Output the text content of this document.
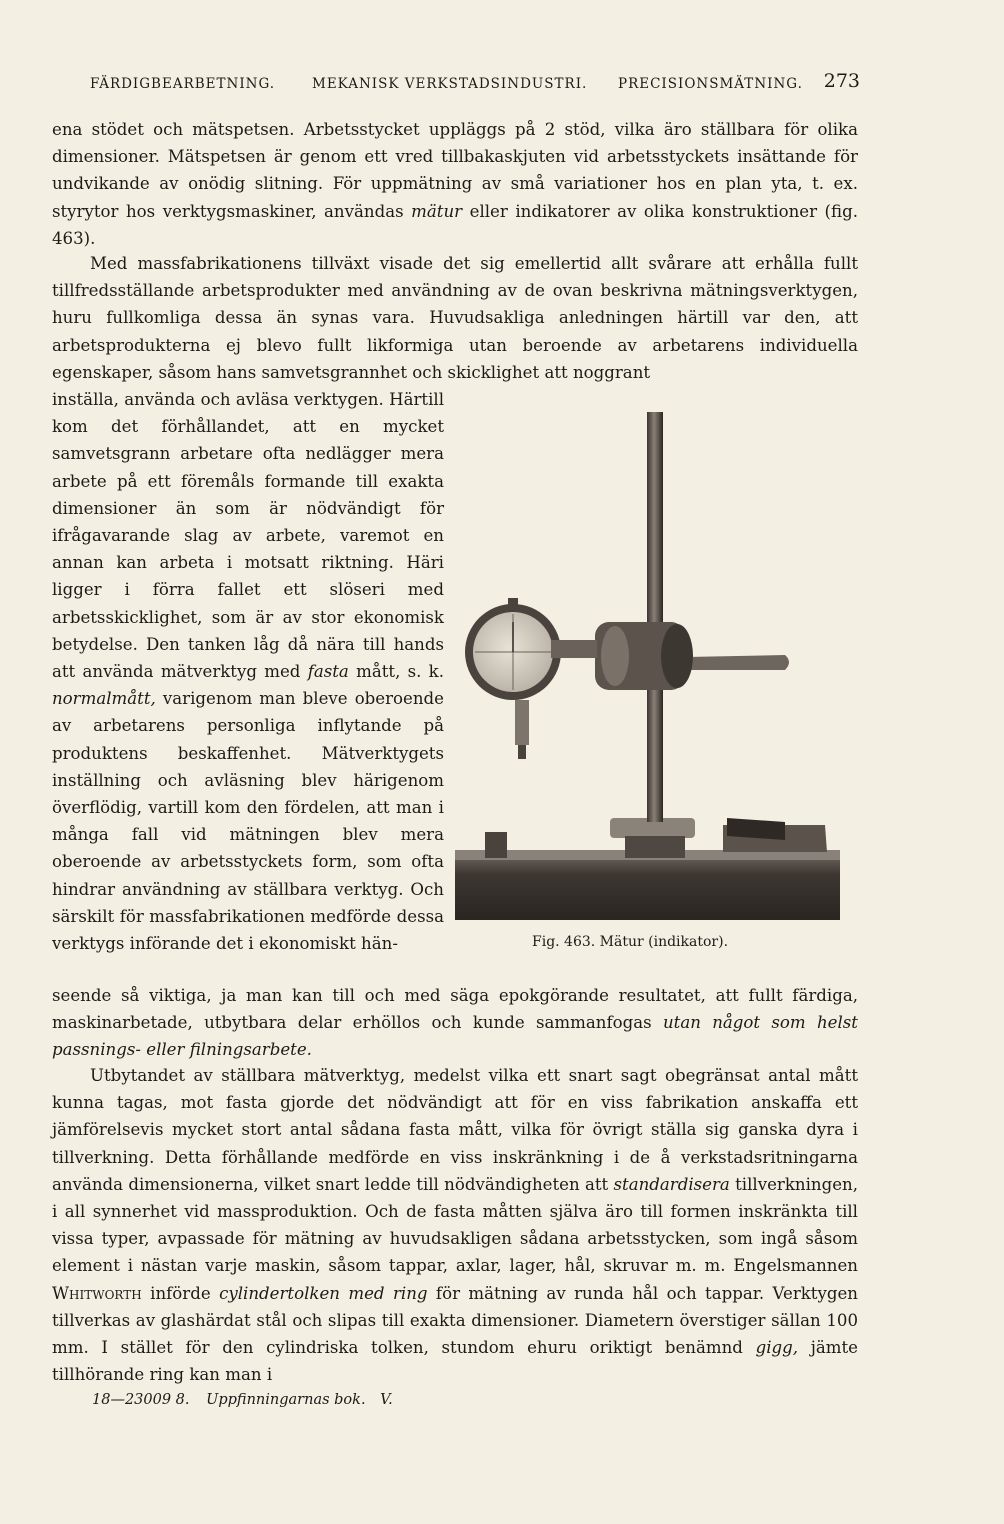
FÄRDIGBEARBETNING.	MEKANISK VERKSTADSINDUSTRI. PRECISIONSMÄTNING. 273

ena stödet och mätspetsen. Arbetsstycket uppläggs på 2 stöd, vilka äro ställbara för olika dimensioner. Mätspetsen är genom ett vred tillbakaskjuten vid arbetsstyckets insättande för undvikande av onödig slitning. För uppmätning av små variationer hos en plan yta, t. ex. styrytor hos verktygsmaskiner, användas mätur eller indikatorer av olika konstruktioner (fig. 463).

Med massfabrikationens tillväxt visade det sig emellertid allt svårare att erhålla fullt tillfredsställande arbetsprodukter med användning av de ovan beskrivna mätningsverktygen, huru fullkomliga dessa än synas vara. Huvudsakliga anledningen härtill var den, att arbetsprodukterna ej blevo fullt likformiga utan beroende av arbetarens individuella egenskaper, såsom hans samvetsgrannhet och skicklighet att noggrant

inställa, använda och avläsa verktygen. Härtill kom det förhållandet, att en mycket samvetsgrann arbetare ofta nedlägger mera arbete på ett föremåls formande till exakta dimensioner än som är nödvändigt för ifrågavarande slag av arbete, varemot en annan kan arbeta i motsatt riktning. Häri ligger i förra fallet ett slöseri med arbetsskicklighet, som är av stor ekonomisk betydelse. Den tanken låg då nära till hands att använda mätverktyg med fasta mått, s. k. normalmått, varigenom man bleve oberoende av arbetarens personliga inflytande på produktens beskaffenhet. Mätverktygets inställning och avläsning blev härigenom överflödig, vartill kom den fördelen, att man i många fall vid mätningen blev mera oberoende av arbetsstyckets form, som ofta hindrar användning av ställbara verktyg. Och särskilt för massfabrikationen medförde dessa verktygs införande det i ekonomiskt hän-

seende så viktiga, ja man kan till och med säga epokgörande resultatet, att fullt färdiga, maskinarbetade, utbytbara delar erhöllos och kunde sammanfogas utan något som helst passnings- eller filningsarbete.

Utbytandet av ställbara mätverktyg, medelst vilka ett snart sagt obegränsat antal mått kunna tagas, mot fasta gjorde det nödvändigt att för en viss fabrikation anskaffa ett jämförelsevis mycket stort antal sådana fasta mått, vilka för övrigt ställa sig ganska dyra i tillverkning. Detta förhållande medförde en viss inskränkning i de å verkstadsritningarna använda dimensionerna, vilket snart ledde till nödvändigheten att standardisera tillverkningen, i all synnerhet vid massproduktion. Och de fasta måtten själva äro till formen inskränkta till vissa typer, avpassade för mätning av huvudsakligen sådana arbetsstycken, som ingå såsom element i nästan varje maskin, såsom tappar, axlar, lager, hål, skruvar m. m. Engelsmannen Whitworth införde cylindertolken med ring för mätning av runda hål och tappar. Verktygen tillverkas av glashärdat stål och slipas till exakta dimensioner. Diametern överstiger sällan 100 mm. I stället för den cylindriska tolken, stundom ehuru oriktigt benämnd gigg, jämte tillhörande ring kan man i

Fig. 463. Mätur (indikator).
18—23009 8. Uppfinningarnas bok. V.
